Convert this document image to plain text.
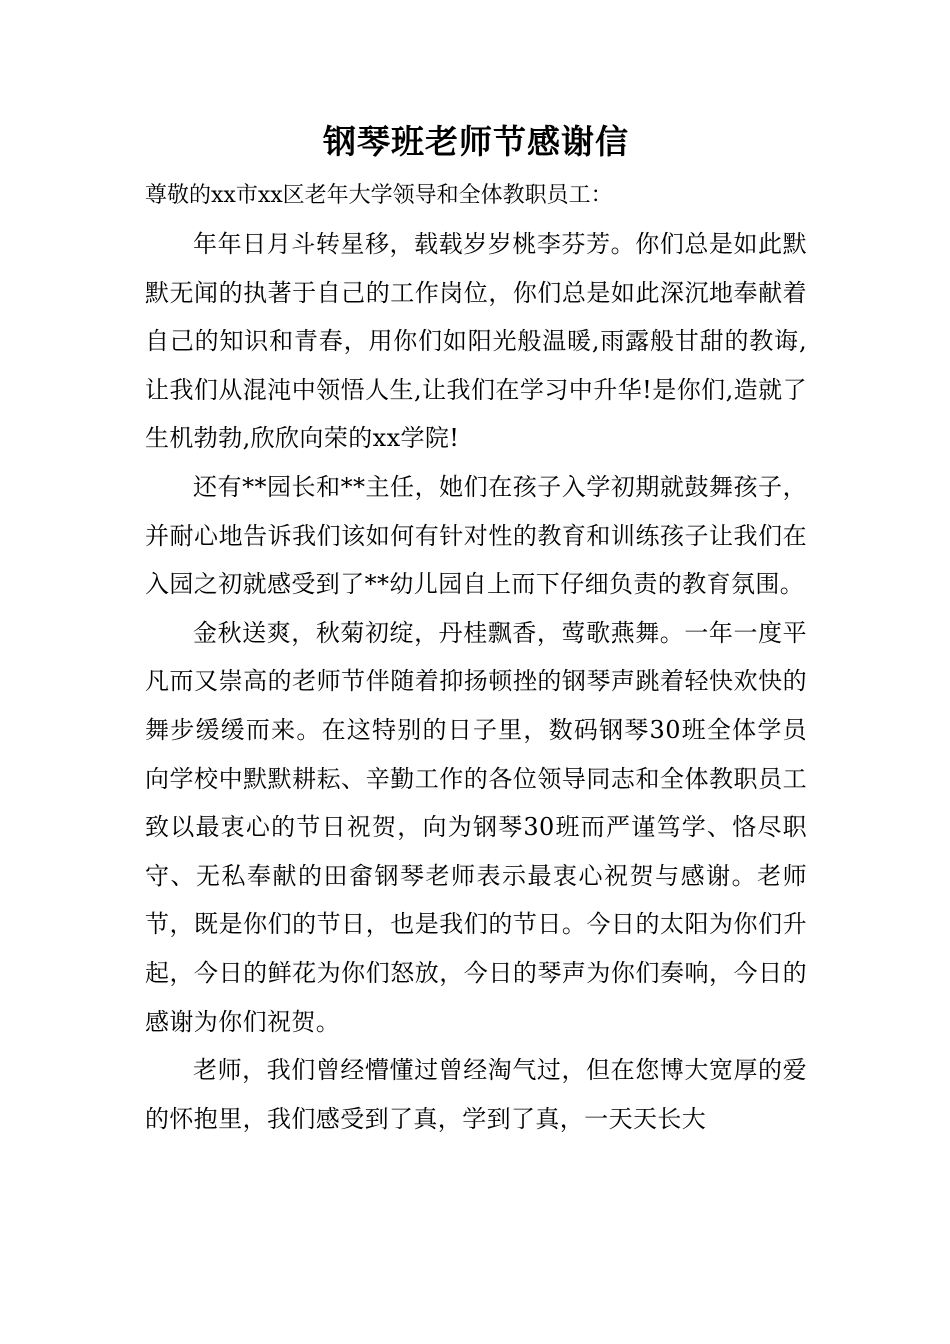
钢琴班老师节感谢信

尊敬的xx市xx区老年大学领导和全体教职员工：

年年日月斗转星移，载载岁岁桃李芬芳。你们总是如此默默无闻的执著于自己的工作岗位，你们总是如此深沉地奉献着自己的知识和青春，用你们如阳光般温暖,雨露般甘甜的教诲,让我们从混沌中领悟人生,让我们在学习中升华!是你们,造就了生机勃勃,欣欣向荣的xx学院!

还有**园长和**主任，她们在孩子入学初期就鼓舞孩子，并耐心地告诉我们该如何有针对性的教育和训练孩子让我们在入园之初就感受到了**幼儿园自上而下仔细负责的教育氛围。

金秋送爽，秋菊初绽，丹桂飘香，莺歌燕舞。一年一度平凡而又崇高的老师节伴随着抑扬顿挫的钢琴声跳着轻快欢快的舞步缓缓而来。在这特别的日子里，数码钢琴30班全体学员向学校中默默耕耘、辛勤工作的各位领导同志和全体教职员工致以最衷心的节日祝贺，向为钢琴30班而严谨笃学、恪尽职守、无私奉献的田畲钢琴老师表示最衷心祝贺与感谢。老师节，既是你们的节日，也是我们的节日。今日的太阳为你们升起，今日的鲜花为你们怒放，今日的琴声为你们奏响，今日的感谢为你们祝贺。

老师，我们曾经懵懂过曾经淘气过，但在您博大宽厚的爱的怀抱里，我们感受到了真，学到了真，一天天长大
